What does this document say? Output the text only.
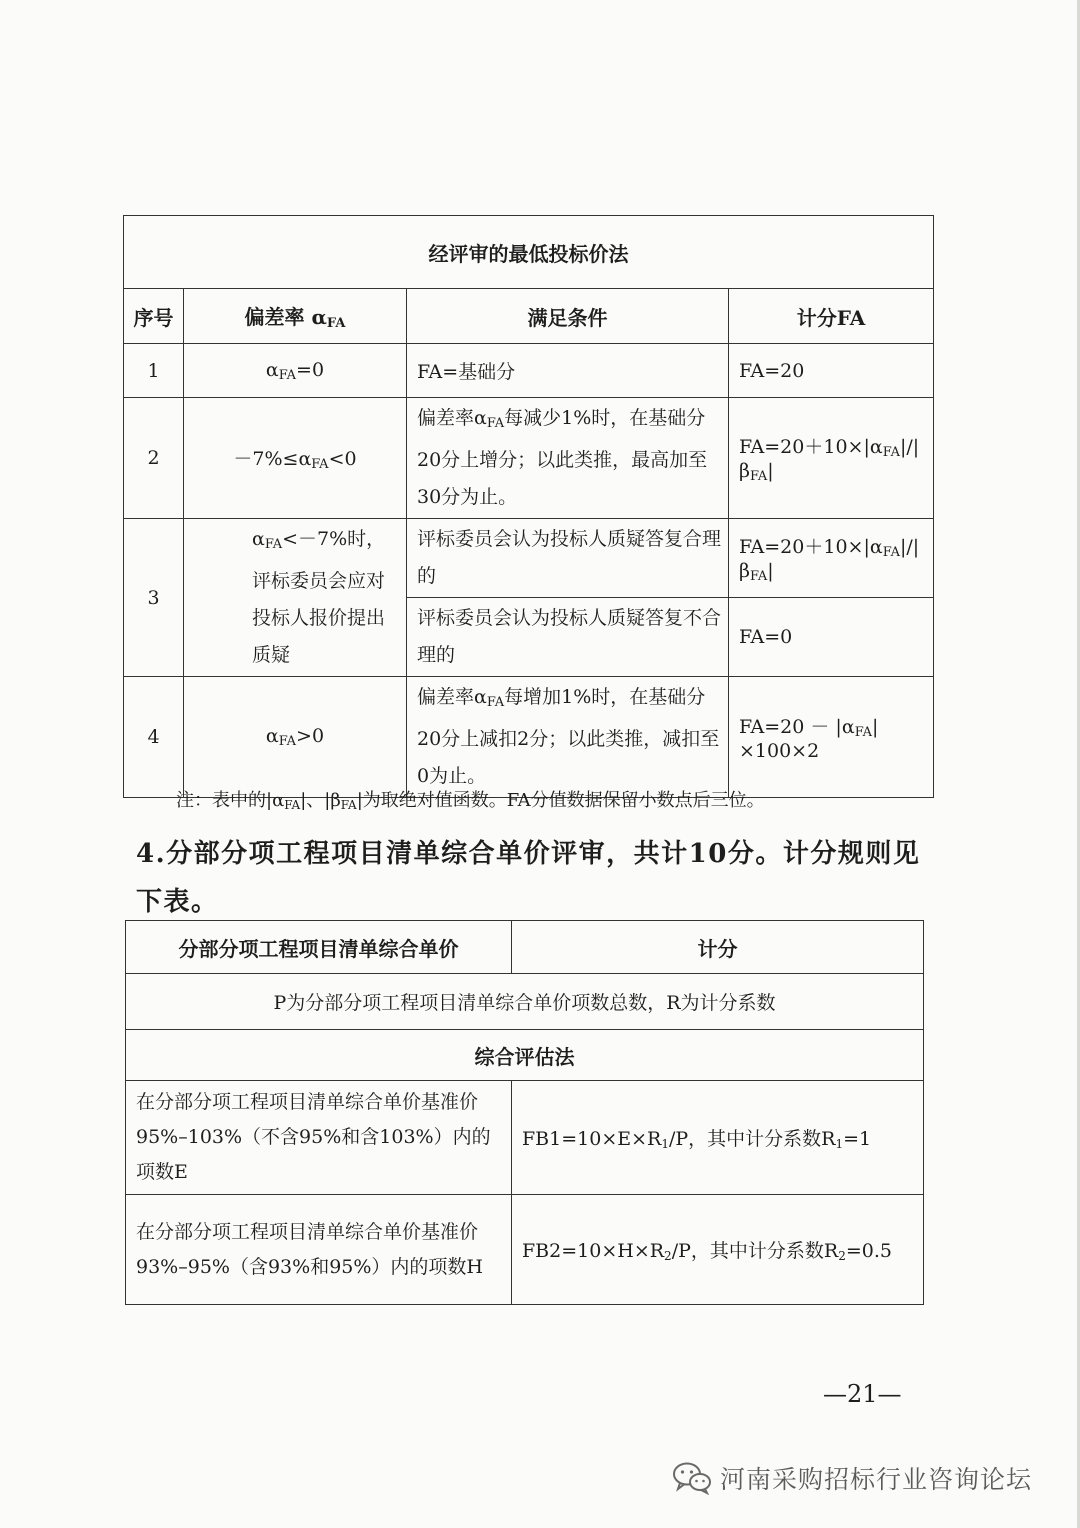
经评审的最低投标价法			
序号	偏差率 $\alpha_{FA}$	满足条件	计分FA
1	$\alpha_{FA}=0$	FA=基础分	FA=20
2	$-7\%\le\alpha_{FA}<0$	偏差率$\alpha_{FA}$每减少1%时，在基础分20分上增分；以此类推，最高加至30分为止。	$FA=20+10\times|\alpha_{FA}|/|\beta_{FA}|$
3	$\alpha_{FA}<-7\%$时，评标委员会应对投标人报价提出质疑	评标委员会认为投标人质疑答复合理的	$FA=20+10\times|\alpha_{FA}|/|\beta_{FA}|$
		评标委员会认为投标人质疑答复不合理的	FA=0
4	$\alpha_{FA}>0$	偏差率$\alpha_{FA}$每增加1%时，在基础分20分上减扣2分；以此类推，减扣至0为止。	$FA=20 - |\alpha_{FA}|\times 100\times 2$
注：表中的$|\alpha_{FA}|$、$|\beta_{FA}|$为取绝对值函数。FA分值数据保留小数点后三位。
4.分部分项工程项目清单综合单价评审，共计10分。计分规则见下表。
分部分项工程项目清单综合单价	计分
P为分部分项工程项目清单综合单价项数总数，R为计分系数	
综合评估法	
在分部分项工程项目清单综合单价基准价95%–103%（不含95%和含103%）内的项数E	$FB1=10\times E\times R_1/P$，其中计分系数$R_1=1$
在分部分项工程项目清单综合单价基准价93%–95%（含93%和95%）内的项数H	$FB2=10\times H\times R_2/P$，其中计分系数$R_2=0.5$
—21—
河南采购招标行业咨询论坛
